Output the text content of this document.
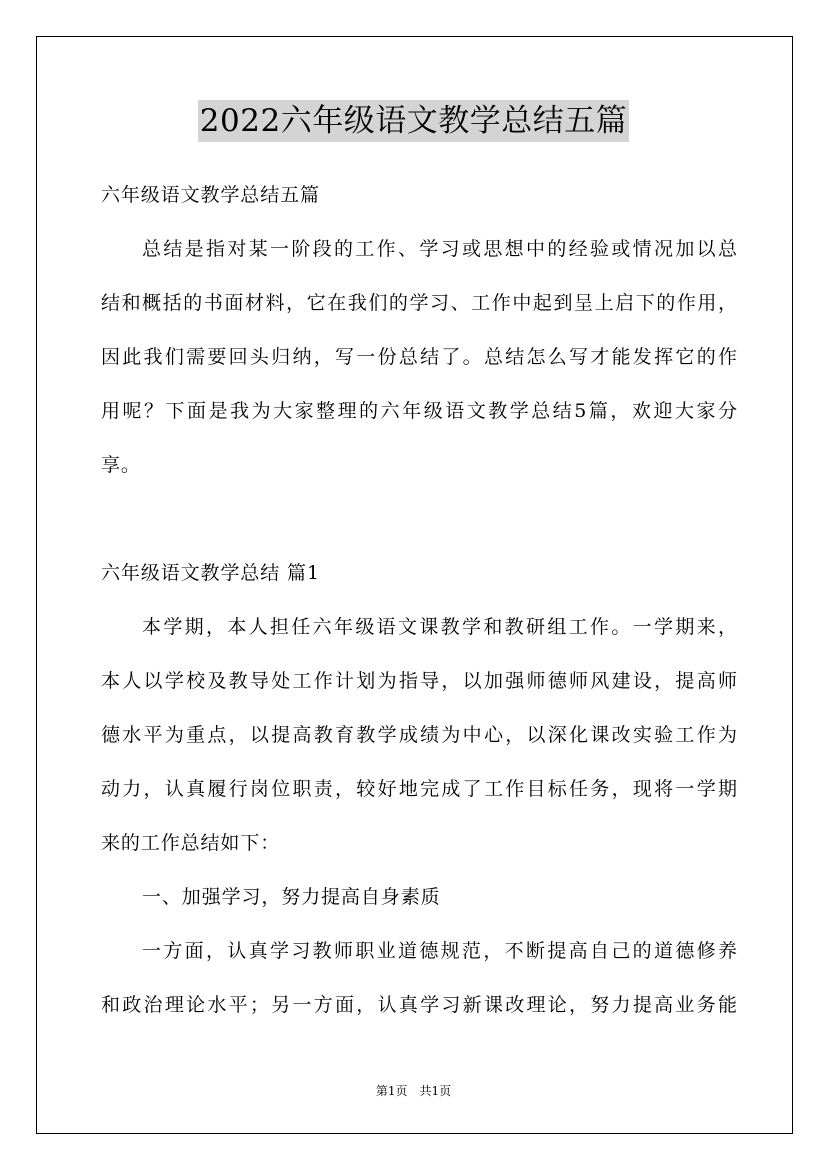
2022六年级语文教学总结五篇
六年级语文教学总结五篇
总结是指对某一阶段的工作、学习或思想中的经验或情况加以总
结和概括的书面材料，它在我们的学习、工作中起到呈上启下的作用，
因此我们需要回头归纳，写一份总结了。总结怎么写才能发挥它的作
用呢？下面是我为大家整理的六年级语文教学总结5篇，欢迎大家分
享。
六年级语文教学总结 篇1
本学期，本人担任六年级语文课教学和教研组工作。一学期来，
本人以学校及教导处工作计划为指导，以加强师德师风建设，提高师
德水平为重点，以提高教育教学成绩为中心，以深化课改实验工作为
动力，认真履行岗位职责，较好地完成了工作目标任务，现将一学期
来的工作总结如下：
一、加强学习，努力提高自身素质
一方面，认真学习教师职业道德规范，不断提高自己的道德修养
和政治理论水平；另一方面，认真学习新课改理论，努力提高业务能
第1页　共1页
